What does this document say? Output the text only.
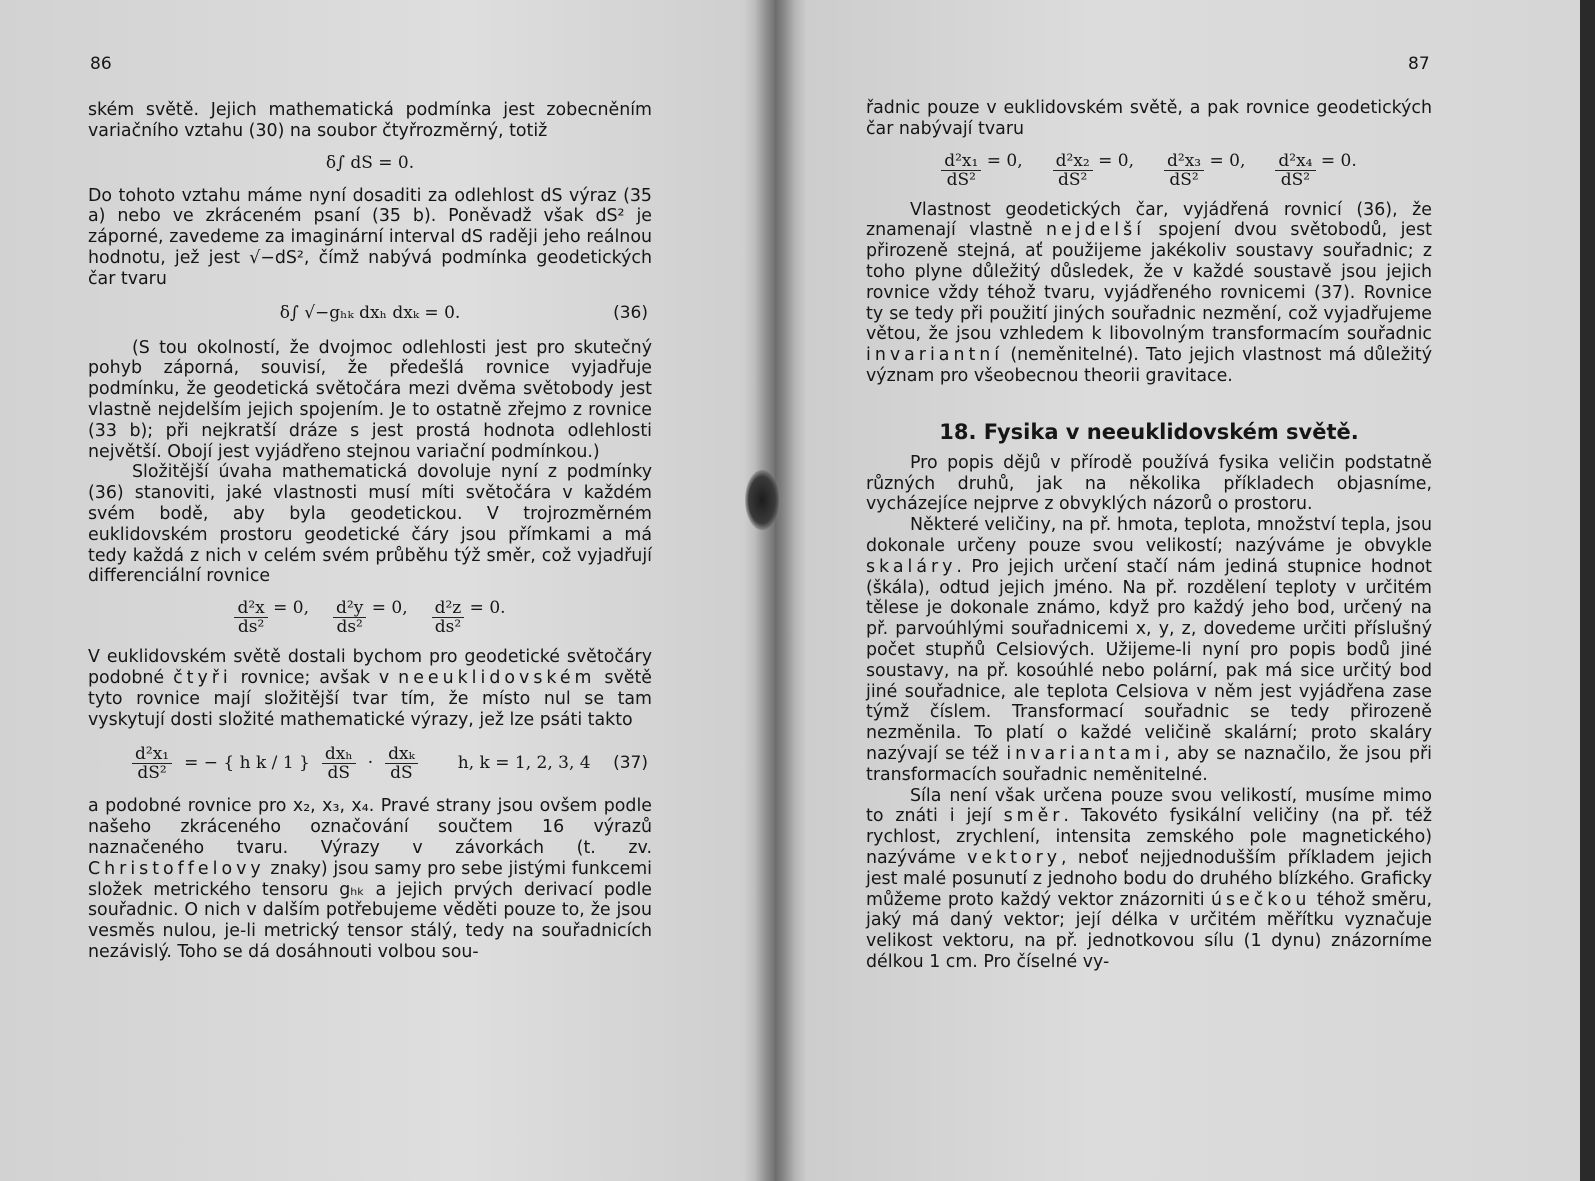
86

ském světě. Jejich mathematická podmínka jest zobecněním variačního vztahu (30) na soubor čtyřrozměrný, totiž

δ∫ dS = 0.

Do tohoto vztahu máme nyní dosaditi za odlehlost dS výraz (35 a) nebo ve zkráceném psaní (35 b). Poněvadž však dS² je záporné, zavedeme za imaginární interval dS raději jeho reálnou hodnotu, jež jest √−dS², čímž nabývá podmínka geodetických čar tvaru

δ∫ √−gₕₖ dxₕ dxₖ = 0.	(36)

(S tou okolností, že dvojmoc odlehlosti jest pro skutečný pohyb záporná, souvisí, že předešlá rovnice vyjadřuje podmínku, že geodetická světočára mezi dvěma světobody jest vlastně nejdelším jejich spojením. Je to ostatně zřejmo z rovnice (33 b); při nejkratší dráze s jest prostá hodnota odlehlosti největší. Obojí jest vyjádřeno stejnou variační podmínkou.)

Složitější úvaha mathematická dovoluje nyní z podmínky (36) stanoviti, jaké vlastnosti musí míti světočára v každém svém bodě, aby byla geodetickou. V trojrozměrném euklidovském prostoru geodetické čáry jsou přímkami a má tedy každá z nich v celém svém průběhu týž směr, což vyjadřují differenciální rovnice

$\frac{\text{d²x}}{\text{ds²}} = 0$, $\frac{\text{d²y}}{\text{ds²}} = 0$, $\frac{\text{d²z}}{\text{ds²}} = 0$.

V euklidovském světě dostali bychom pro geodetické světočáry podobné čtyři rovnice; avšak v neeuklidovském světě tyto rovnice mají složitější tvar tím, že místo nul se tam vyskytují dosti složité mathematické výrazy, jež lze psáti takto

$\frac{\text{d²x₁}}{\text{dS²}}$ = − { h k / 1 } $\frac{\text{dxₕ}}{dS} \cdot \frac{\text{dxₖ}}{dS} h$, k = 1, 2, 3, 4 (37)

a podobné rovnice pro x₂, x₃, x₄. Pravé strany jsou ovšem podle našeho zkráceného označování součtem 16 výrazů naznačeného tvaru. Výrazy v závorkách (t. zv. Christoffelovy znaky) jsou samy pro sebe jistými funkcemi složek metrického tensoru gₕₖ a jejich prvých derivací podle souřadnic. O nich v dalším potřebujeme věděti pouze to, že jsou vesměs nulou, je-li metrický tensor stálý, tedy na souřadnicích nezávislý. Toho se dá dosáhnouti volbou sou-

87

řadnic pouze v euklidovském světě, a pak rovnice geodetických čar nabývají tvaru

$\frac{\text{d²x₁}}{\text{dS²}} = 0$, $\frac{\text{d²x₂}}{\text{dS²}} = 0$, $\frac{\text{d²x₃}}{\text{dS²}} = 0$, $\frac{\text{d²x₄}}{\text{dS²}} = 0$.

Vlastnost geodetických čar, vyjádřená rovnicí (36), že znamenají vlastně nejdelší spojení dvou světobodů, jest přirozeně stejná, ať použijeme jakékoliv soustavy souřadnic; z toho plyne důležitý důsledek, že v každé soustavě jsou jejich rovnice vždy téhož tvaru, vyjádřeného rovnicemi (37). Rovnice ty se tedy při použití jiných souřadnic nezmění, což vyjadřujeme větou, že jsou vzhledem k libovolným transformacím souřadnic invariantní (neměnitelné). Tato jejich vlastnost má důležitý význam pro všeobecnou theorii gravitace.

18. Fysika v neeuklidovském světě.

Pro popis dějů v přírodě používá fysika veličin podstatně různých druhů, jak na několika příkladech objasníme, vycházejíce nejprve z obvyklých názorů o prostoru.

Některé veličiny, na př. hmota, teplota, množství tepla, jsou dokonale určeny pouze svou velikostí; nazýváme je obvykle skaláry. Pro jejich určení stačí nám jediná stupnice hodnot (škála), odtud jejich jméno. Na př. rozdělení teploty v určitém tělese je dokonale známo, když pro každý jeho bod, určený na př. parvoúhlými souřadnicemi x, y, z, dovedeme určiti příslušný počet stupňů Celsiových. Užijeme-li nyní pro popis bodů jiné soustavy, na př. kosoúhlé nebo polární, pak má sice určitý bod jiné souřadnice, ale teplota Celsiova v něm jest vyjádřena zase týmž číslem. Transformací souřadnic se tedy přirozeně nezměnila. To platí o každé veličině skalární; proto skaláry nazývají se též invariantami, aby se naznačilo, že jsou při transformacích souřadnic neměnitelné.

Síla není však určena pouze svou velikostí, musíme mimo to znáti i její směr. Takovéto fysikální veličiny (na př. též rychlost, zrychlení, intensita zemského pole magnetického) nazýváme vektory, neboť nejjednodušším příkladem jejich jest malé posunutí z jednoho bodu do druhého blízkého. Graficky můžeme proto každý vektor znázorniti úsečkou téhož směru, jaký má daný vektor; její délka v určitém měřítku vyznačuje velikost vektoru, na př. jednotkovou sílu (1 dynu) znázorníme délkou 1 cm. Pro číselné vy-
